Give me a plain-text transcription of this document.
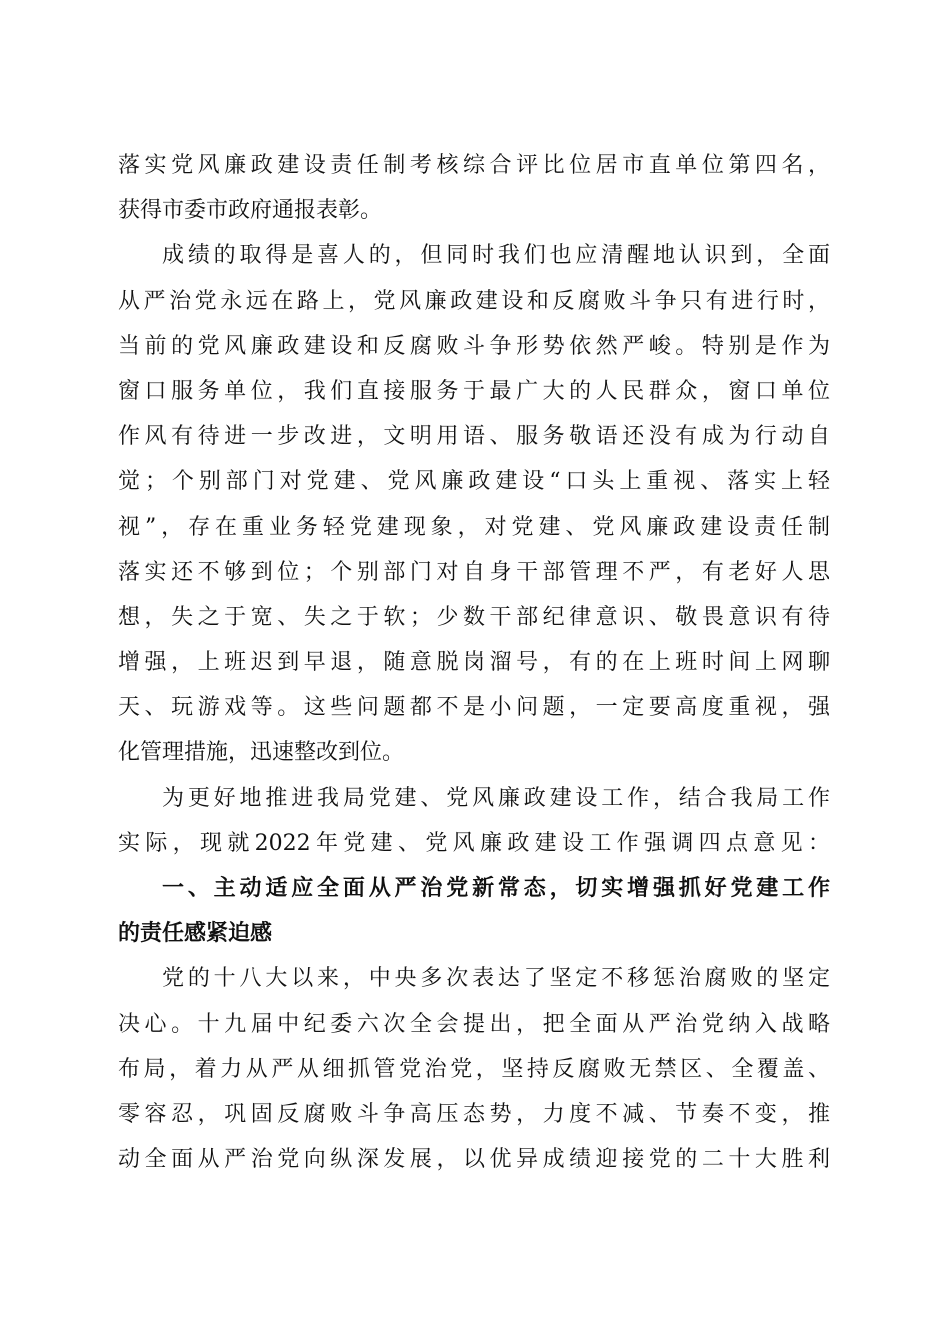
落实党风廉政建设责任制考核综合评比位居市直单位第四名，
获得市委市政府通报表彰。
成绩的取得是喜人的，但同时我们也应清醒地认识到，全面
从严治党永远在路上，党风廉政建设和反腐败斗争只有进行时，
当前的党风廉政建设和反腐败斗争形势依然严峻。特别是作为
窗口服务单位，我们直接服务于最广大的人民群众，窗口单位
作风有待进一步改进，文明用语、服务敬语还没有成为行动自
觉；个别部门对党建、党风廉政建设“口头上重视、落实上轻
视”，存在重业务轻党建现象，对党建、党风廉政建设责任制
落实还不够到位；个别部门对自身干部管理不严，有老好人思
想，失之于宽、失之于软；少数干部纪律意识、敬畏意识有待
增强，上班迟到早退，随意脱岗溜号，有的在上班时间上网聊
天、玩游戏等。这些问题都不是小问题，一定要高度重视，强
化管理措施，迅速整改到位。
为更好地推进我局党建、党风廉政建设工作，结合我局工作
实际，现就2022年党建、党风廉政建设工作强调四点意见：
一、主动适应全面从严治党新常态，切实增强抓好党建工作
的责任感紧迫感
党的十八大以来，中央多次表达了坚定不移惩治腐败的坚定
决心。十九届中纪委六次全会提出，把全面从严治党纳入战略
布局，着力从严从细抓管党治党，坚持反腐败无禁区、全覆盖、
零容忍，巩固反腐败斗争高压态势，力度不减、节奏不变，推
动全面从严治党向纵深发展，以优异成绩迎接党的二十大胜利
